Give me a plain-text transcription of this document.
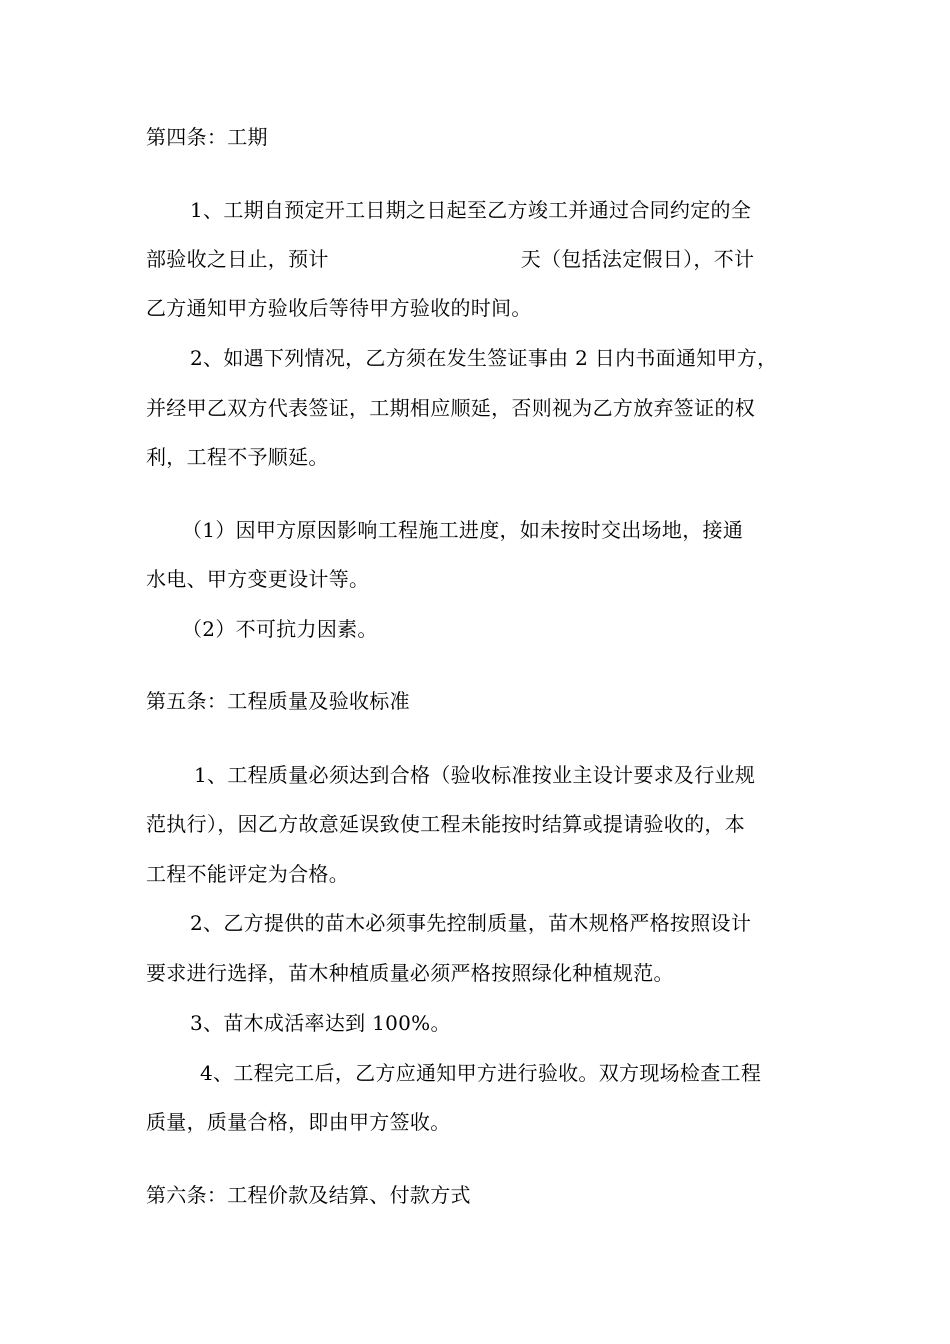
第四条：工期
1、工期自预定开工日期之日起至乙方竣工并通过合同约定的全
部验收之日止，预计	天（包括法定假日），不计
乙方通知甲方验收后等待甲方验收的时间。
2、如遇下列情况，乙方须在发生签证事由 2 日内书面通知甲方，
并经甲乙双方代表签证，工期相应顺延，否则视为乙方放弃签证的权
利，工程不予顺延。
（1）因甲方原因影响工程施工进度，如未按时交出场地，接通
水电、甲方变更设计等。
（2）不可抗力因素。
第五条：工程质量及验收标准
1、工程质量必须达到合格（验收标准按业主设计要求及行业规
范执行），因乙方故意延误致使工程未能按时结算或提请验收的，本
工程不能评定为合格。
2、乙方提供的苗木必须事先控制质量，苗木规格严格按照设计
要求进行选择，苗木种植质量必须严格按照绿化种植规范。
3、苗木成活率达到 100%。
4、工程完工后，乙方应通知甲方进行验收。双方现场检查工程
质量，质量合格，即由甲方签收。
第六条：工程价款及结算、付款方式
